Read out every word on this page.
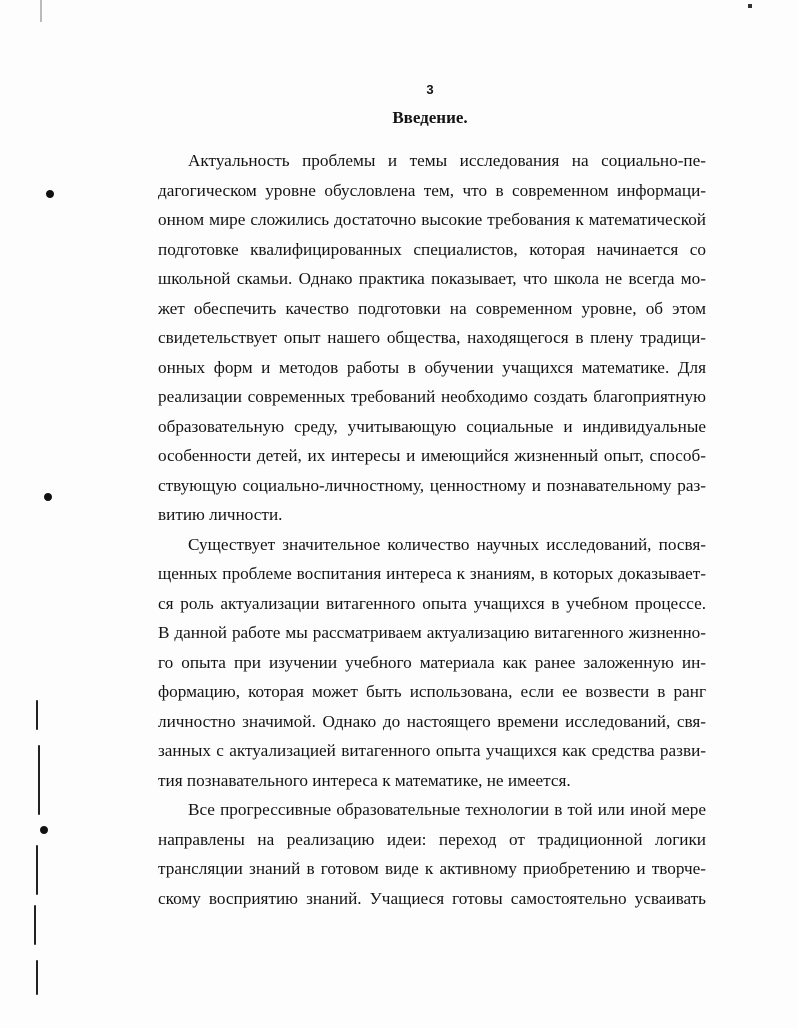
3
Введение.
Актуальность проблемы и темы исследования на социально-пе-
дагогическом уровне обусловлена тем, что в современном информаци-
онном мире сложились достаточно высокие требования к математической
подготовке квалифицированных специалистов, которая начинается со
школьной скамьи. Однако практика показывает, что школа не всегда мо-
жет обеспечить качество подготовки на современном уровне, об этом
свидетельствует опыт нашего общества, находящегося в плену традици-
онных форм и методов работы в обучении учащихся математике. Для
реализации современных требований необходимо создать благоприятную
образовательную среду, учитывающую социальные и индивидуальные
особенности детей, их интересы и имеющийся жизненный опыт, способ-
ствующую социально-личностному, ценностному и познавательному раз-
витию личности.
Существует значительное количество научных исследований, посвя-
щенных проблеме воспитания интереса к знаниям, в которых доказывает-
ся роль актуализации витагенного опыта учащихся в учебном процессе.
В данной работе мы рассматриваем актуализацию витагенного жизненно-
го опыта при изучении учебного материала как ранее заложенную ин-
формацию, которая может быть использована, если ее возвести в ранг
личностно значимой. Однако до настоящего времени исследований, свя-
занных с актуализацией витагенного опыта учащихся как средства разви-
тия познавательного интереса к математике, не имеется.
Все прогрессивные образовательные технологии в той или иной мере
направлены на реализацию идеи: переход от традиционной логики
трансляции знаний в готовом виде к активному приобретению и творче-
скому восприятию знаний. Учащиеся готовы самостоятельно усваивать
